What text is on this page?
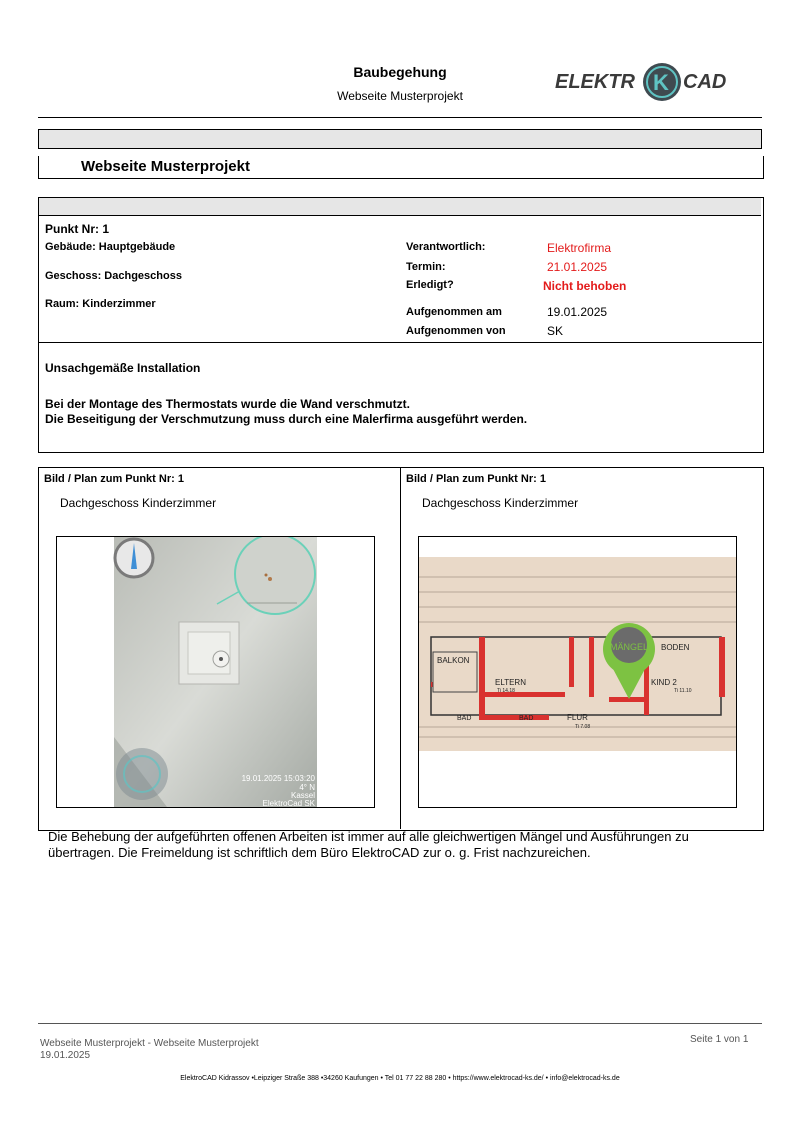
Baubegehung
Webseite Musterprojekt
ELEKTR K CAD
Webseite Musterprojekt
Punkt Nr: 1
Gebäude: Hauptgebäude
Geschoss: Dachgeschoss
Raum: Kinderzimmer
Verantwortlich:	Elektrofirma
Termin:	21.01.2025
Erledigt?	Nicht behoben
Aufgenommen am	19.01.2025
Aufgenommen von	SK
Unsachgemäße Installation
Bei der Montage des Thermostats wurde die Wand verschmutzt.
Die Beseitigung der Verschmutzung muss durch eine Malerfirma ausgeführt werden.
Bild / Plan zum Punkt Nr: 1
Dachgeschoss Kinderzimmer
Bild / Plan zum Punkt Nr: 1
Dachgeschoss Kinderzimmer
19.01.2025 15:03:20
4° N
Kassel
ElektroCad SK
BALKON
ELTERN
Ti 14.18
BODEN
KIND 2
Ti 11.10
BAD	BAD	FLUR
Ti 7.08
MÄNGEL
Die Behebung der aufgeführten offenen Arbeiten ist immer auf alle gleichwertigen Mängel und Ausführungen zu übertragen. Die Freimeldung ist schriftlich dem Büro ElektroCAD zur o. g. Frist nachzureichen.
Webseite Musterprojekt - Webseite Musterprojekt
19.01.2025
Seite 1 von 1
ElektroCAD Kidrassov •Leipziger Straße 388 •34260 Kaufungen • Tel 01 77 22 88 280 • https://www.elektrocad-ks.de/ • info@elektrocad-ks.de
